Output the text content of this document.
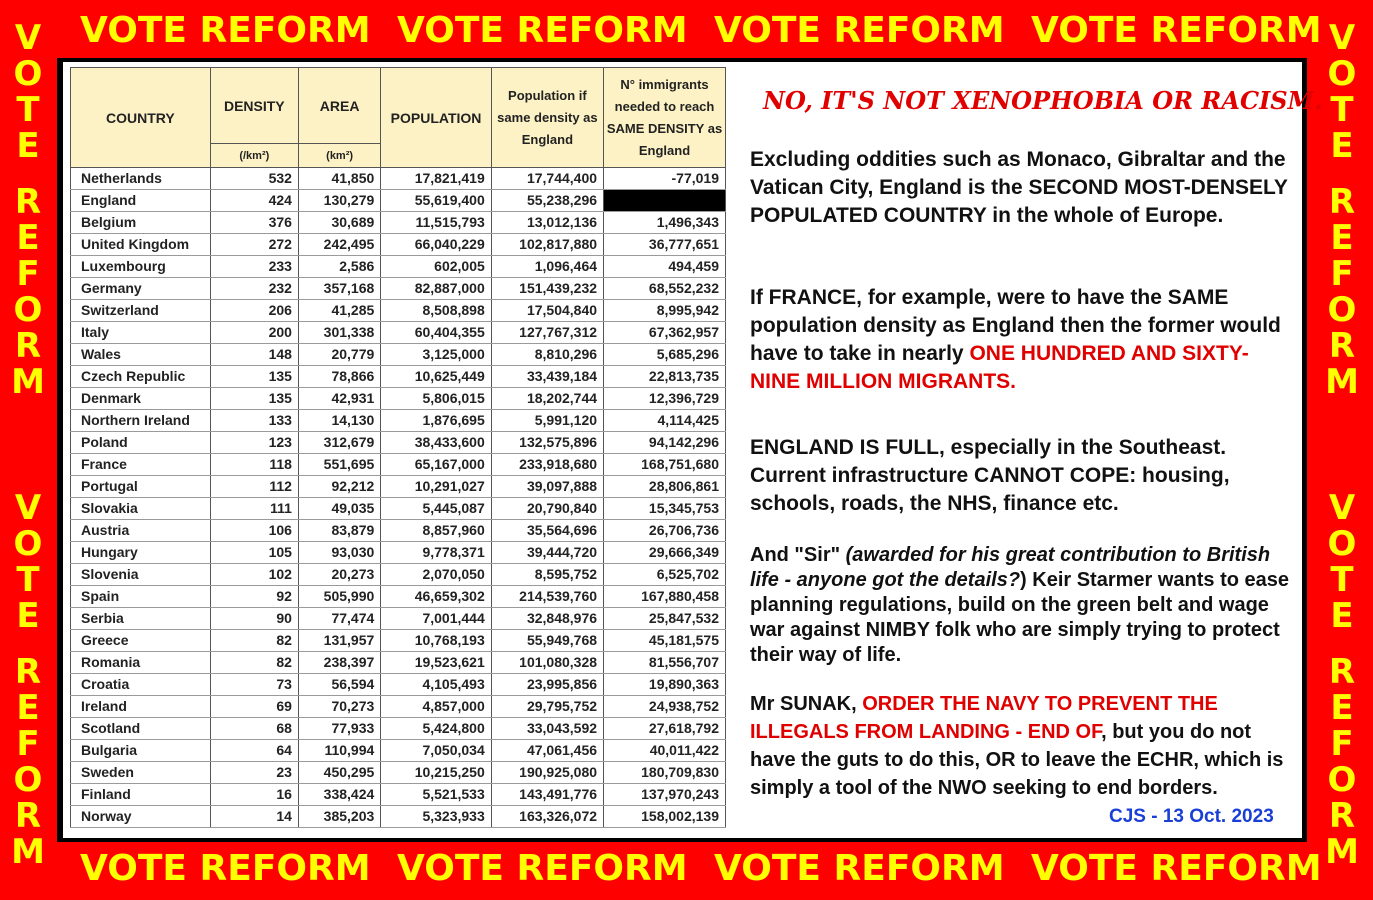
VOTE REFORM VOTE REFORM VOTE REFORM VOTE REFORM
VOTE REFORM VOTE REFORM VOTE REFORM VOTE REFORM
V
O
T
E
R
E
F
O
R
M
V
O
T
E
R
E
F
O
R
M
V
O
T
E
R
E
F
O
R
M
V
O
T
E
R
E
F
O
R
M
COUNTRY	DENSITY	AREA	POPULATION	Population if same density as England	N° immigrants needed to reach SAME DENSITY as England
	(/km²)	(km²)			
Netherlands	532	41,850	17,821,419	17,744,400	-77,019
England	424	130,279	55,619,400	55,238,296	
Belgium	376	30,689	11,515,793	13,012,136	1,496,343
United Kingdom	272	242,495	66,040,229	102,817,880	36,777,651
Luxembourg	233	2,586	602,005	1,096,464	494,459
Germany	232	357,168	82,887,000	151,439,232	68,552,232
Switzerland	206	41,285	8,508,898	17,504,840	8,995,942
Italy	200	301,338	60,404,355	127,767,312	67,362,957
Wales	148	20,779	3,125,000	8,810,296	5,685,296
Czech Republic	135	78,866	10,625,449	33,439,184	22,813,735
Denmark	135	42,931	5,806,015	18,202,744	12,396,729
Northern Ireland	133	14,130	1,876,695	5,991,120	4,114,425
Poland	123	312,679	38,433,600	132,575,896	94,142,296
France	118	551,695	65,167,000	233,918,680	168,751,680
Portugal	112	92,212	10,291,027	39,097,888	28,806,861
Slovakia	111	49,035	5,445,087	20,790,840	15,345,753
Austria	106	83,879	8,857,960	35,564,696	26,706,736
Hungary	105	93,030	9,778,371	39,444,720	29,666,349
Slovenia	102	20,273	2,070,050	8,595,752	6,525,702
Spain	92	505,990	46,659,302	214,539,760	167,880,458
Serbia	90	77,474	7,001,444	32,848,976	25,847,532
Greece	82	131,957	10,768,193	55,949,768	45,181,575
Romania	82	238,397	19,523,621	101,080,328	81,556,707
Croatia	73	56,594	4,105,493	23,995,856	19,890,363
Ireland	69	70,273	4,857,000	29,795,752	24,938,752
Scotland	68	77,933	5,424,800	33,043,592	27,618,792
Bulgaria	64	110,994	7,050,034	47,061,456	40,011,422
Sweden	23	450,295	10,215,250	190,925,080	180,709,830
Finland	16	338,424	5,521,533	143,491,776	137,970,243
Norway	14	385,203	5,323,933	163,326,072	158,002,139
NO, IT'S NOT XENOPHOBIA OR RACISM.
Excluding oddities such as Monaco, Gibraltar and the Vatican City, England is the SECOND MOST-DENSELY POPULATED COUNTRY in the whole of Europe.
If FRANCE, for example, were to have the SAME population density as England then the former would have to take in nearly ONE HUNDRED AND SIXTY-NINE MILLION MIGRANTS.
ENGLAND IS FULL, especially in the Southeast. Current infrastructure CANNOT COPE: housing, schools, roads, the NHS, finance etc.
And "Sir" (awarded for his great contribution to British life - anyone got the details?) Keir Starmer wants to ease planning regulations, build on the green belt and wage war against NIMBY folk who are simply trying to protect their way of life.
Mr SUNAK, ORDER THE NAVY TO PREVENT THE ILLEGALS FROM LANDING - END OF, but you do not have the guts to do this, OR to leave the ECHR, which is simply a tool of the NWO seeking to end borders.
CJS - 13 Oct. 2023
